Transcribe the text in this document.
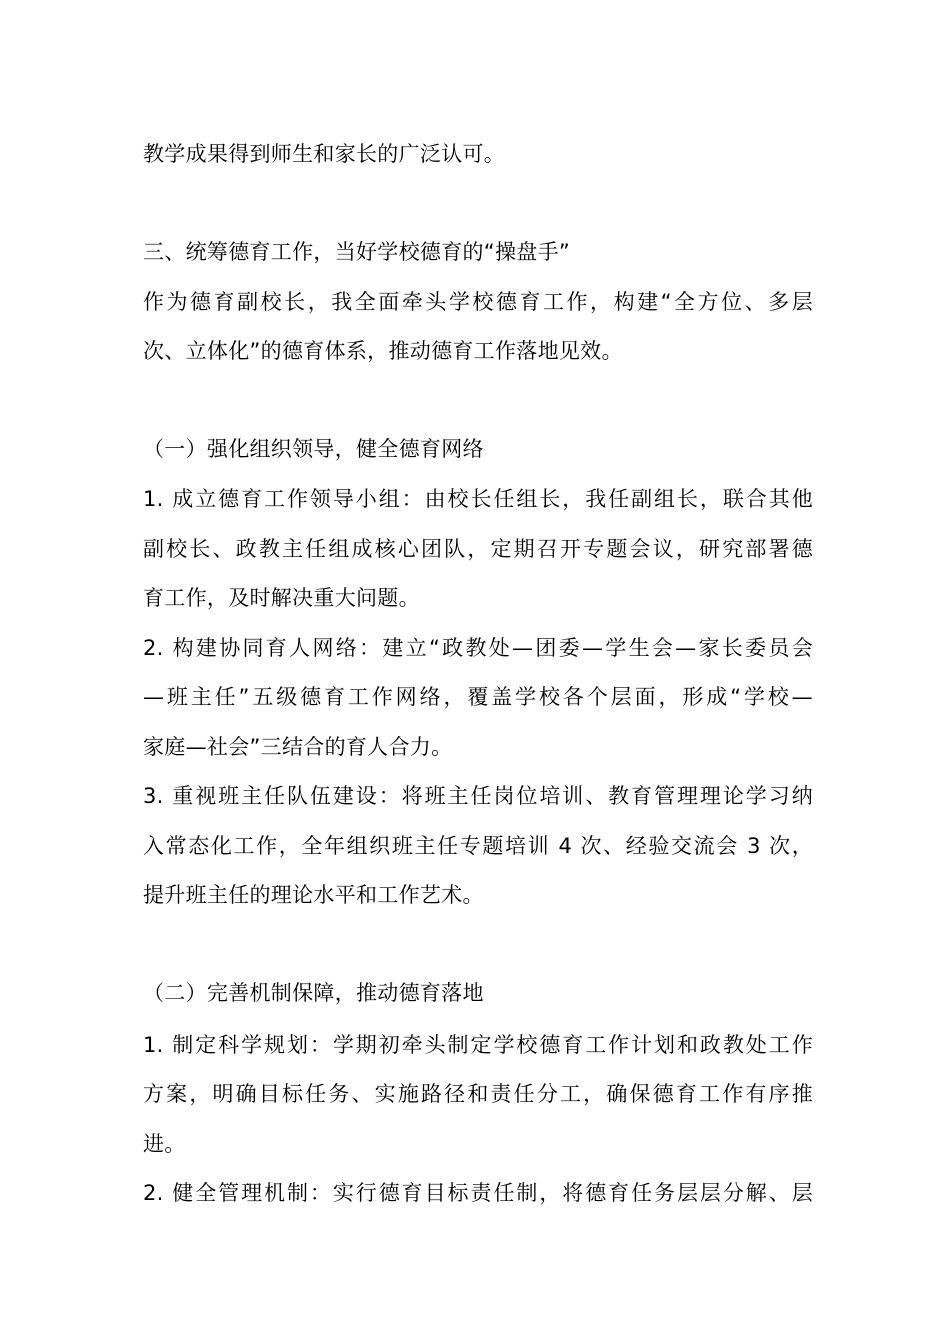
教学成果得到师生和家长的广泛认可。
三、统筹德育工作，当好学校德育的“操盘手”
作为德育副校长，我全面牵头学校德育工作，构建“全方位、多层
次、立体化”的德育体系，推动德育工作落地见效。
（一）强化组织领导，健全德育网络
1. 成立德育工作领导小组：由校长任组长，我任副组长，联合其他
副校长、政教主任组成核心团队，定期召开专题会议，研究部署德
育工作，及时解决重大问题。
2. 构建协同育人网络：建立“政教处—团委—学生会—家长委员会
—班主任”五级德育工作网络，覆盖学校各个层面，形成“学校—
家庭—社会”三结合的育人合力。
3. 重视班主任队伍建设：将班主任岗位培训、教育管理理论学习纳
入常态化工作，全年组织班主任专题培训 4 次、经验交流会 3 次，
提升班主任的理论水平和工作艺术。
（二）完善机制保障，推动德育落地
1. 制定科学规划：学期初牵头制定学校德育工作计划和政教处工作
方案，明确目标任务、实施路径和责任分工，确保德育工作有序推
进。
2. 健全管理机制：实行德育目标责任制，将德育任务层层分解、层
